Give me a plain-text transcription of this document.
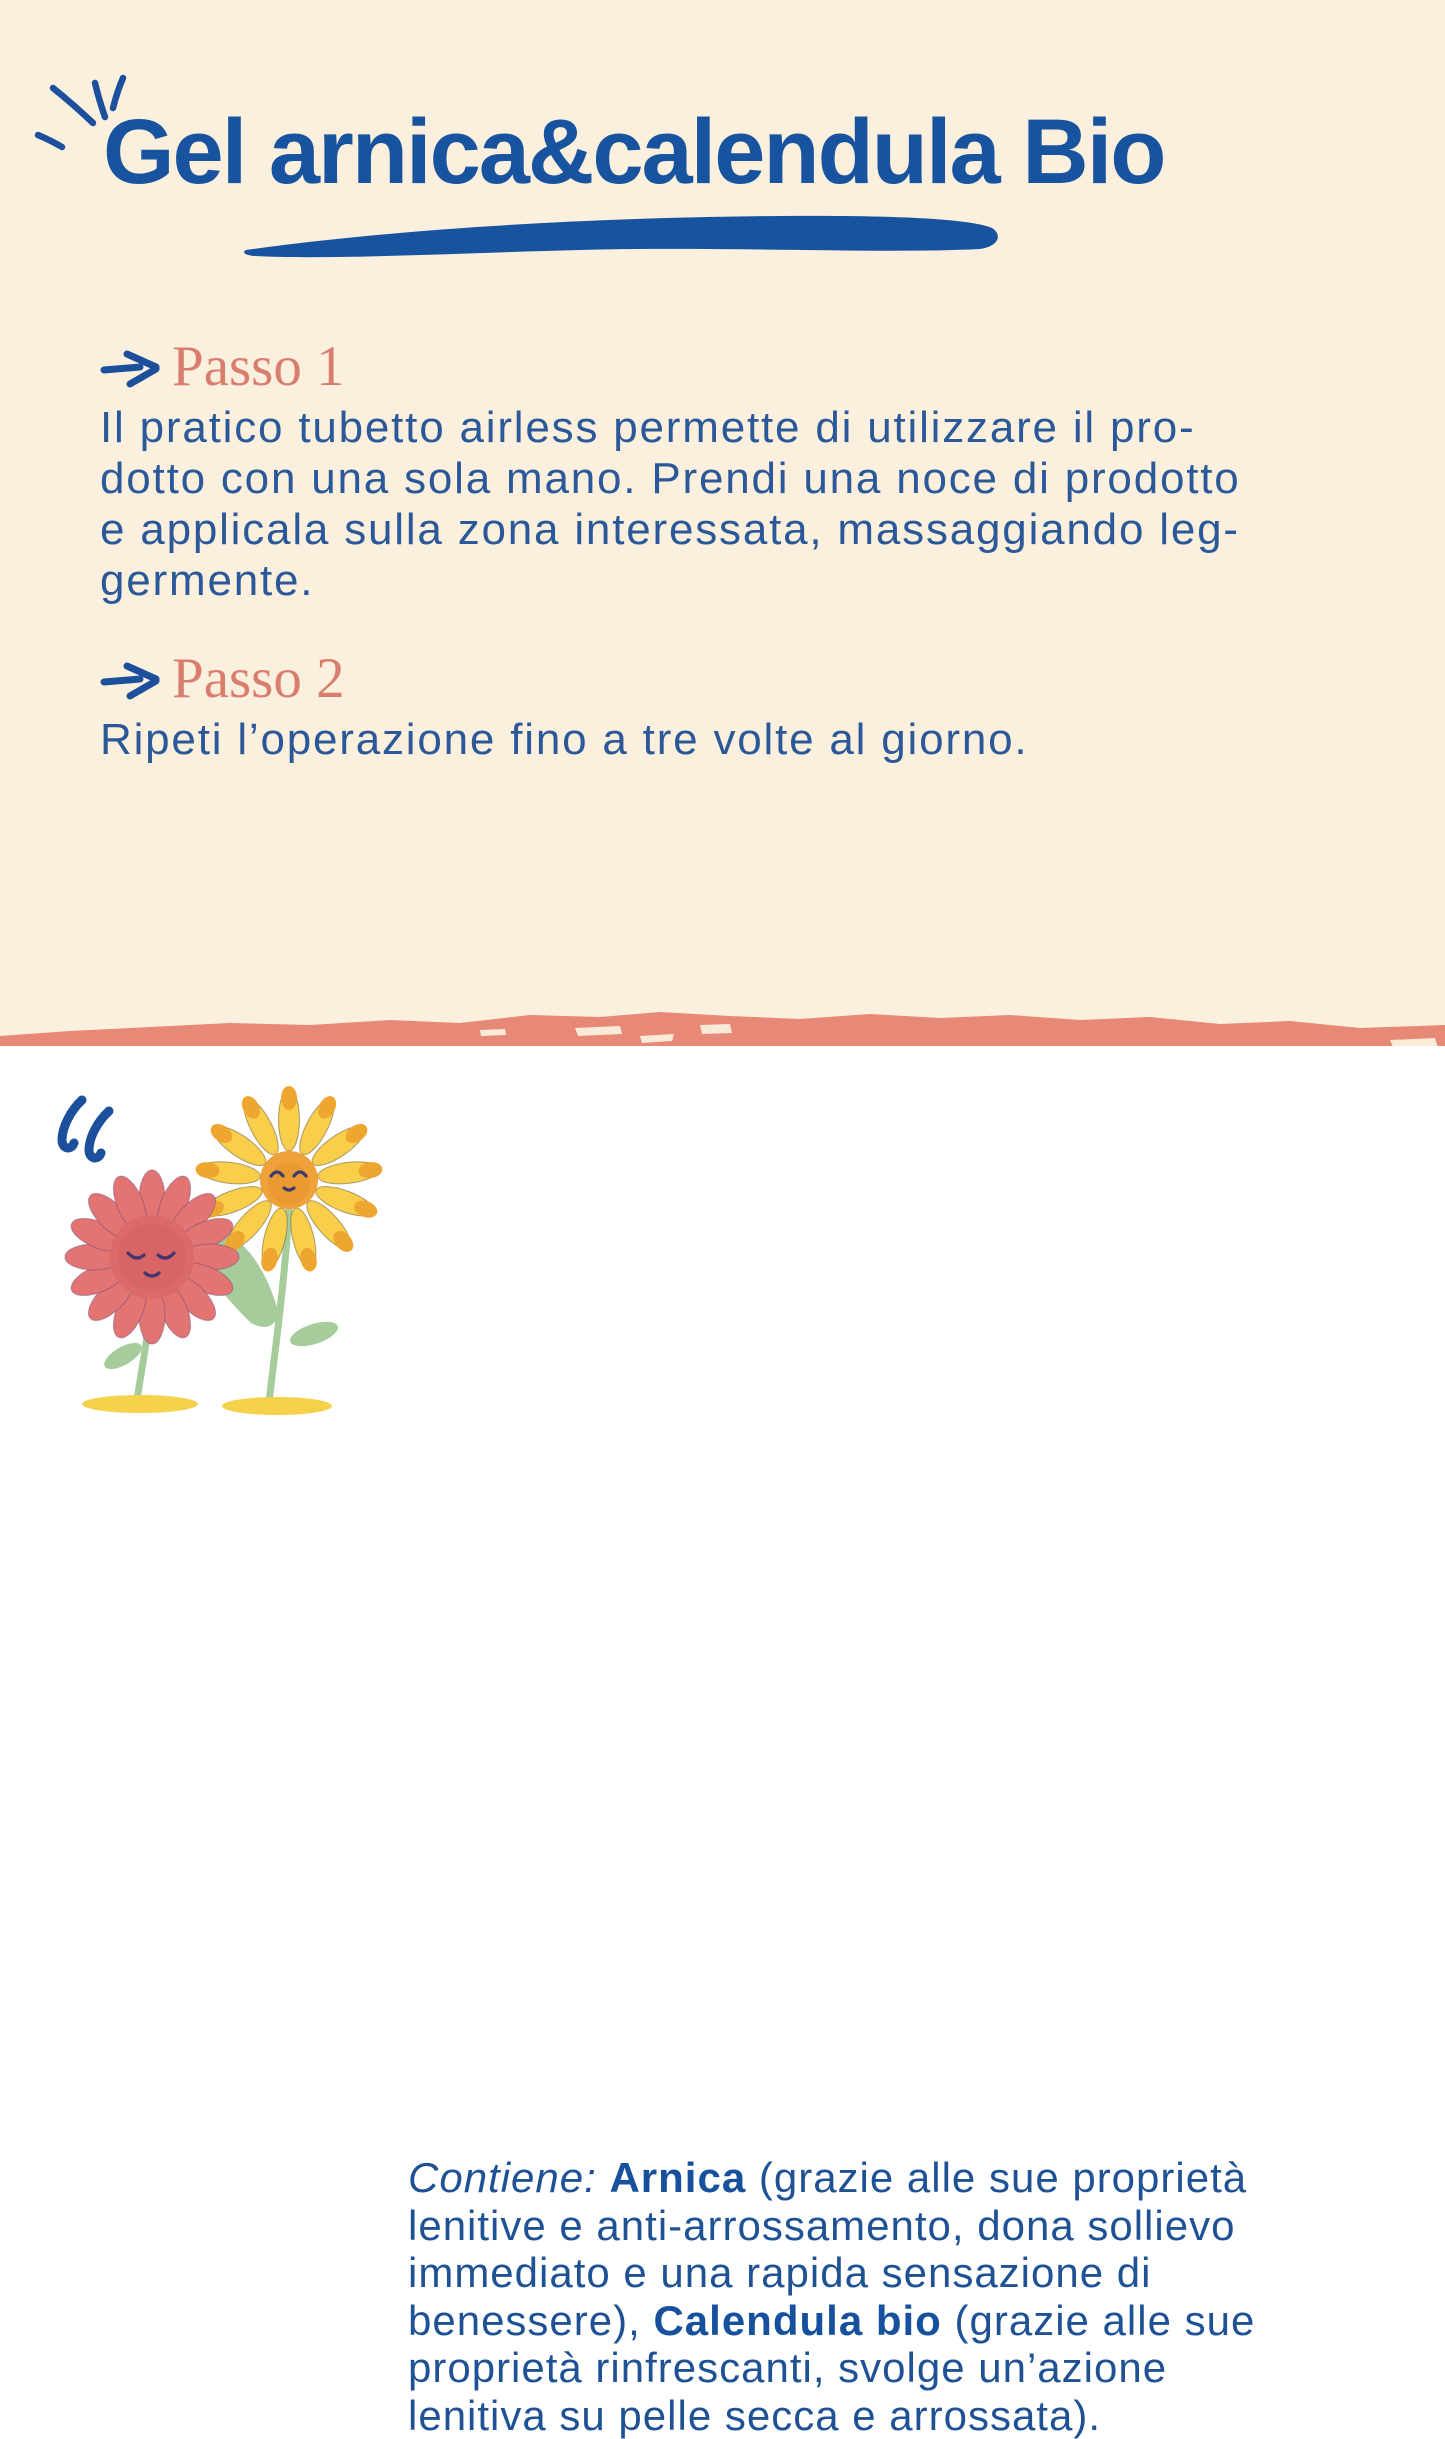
Gel arnica&calendula Bio
Passo 1

Il pratico tubetto airless permette di utilizzare il pro-
dotto con una sola mano. Prendi una noce di prodotto
e applicala sulla zona interessata, massaggiando leg-
germente.

Passo 2

Ripeti l’operazione fino a tre volte al giorno.

Contiene: Arnica (grazie alle sue proprietà
lenitive e anti-arrossamento, dona sollievo
immediato e una rapida sensazione di
benessere), Calendula bio (grazie alle sue
proprietà rinfrescanti, svolge un’azione
lenitiva su pelle secca e arrossata).
